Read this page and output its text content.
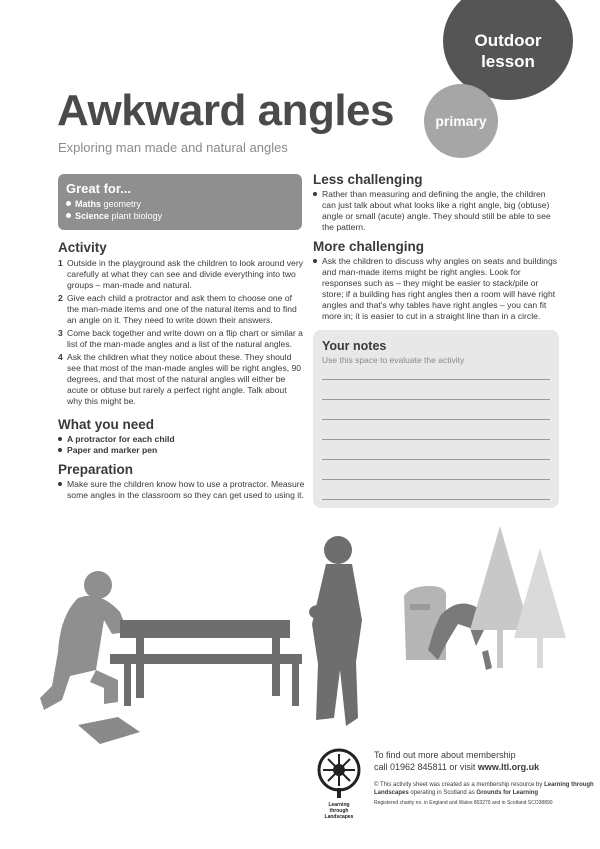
Outdoor
lesson
primary
Awkward angles
Exploring man made and natural angles
Great for...
Maths geometry
Science plant biology
Activity
1 Outside in the playground ask the children to look around very carefully at what they can see and divide everything into two groups – man-made and natural.
2 Give each child a protractor and ask them to choose one of the man-made items and one of the natural items and to find an angle on it. They need to write down their answers.
3 Come back together and write down on a flip chart or similar a list of the man-made angles and a list of the natural angles.
4 Ask the children what they notice about these. They should see that most of the man-made angles will be right angles, 90 degrees, and that most of the natural angles will either be acute or obtuse but rarely a perfect right angle. Talk about why this might be.
What you need
A protractor for each child
Paper and marker pen
Preparation
Make sure the children know how to use a protractor. Measure some angles in the classroom so they can get used to using it.
Less challenging
Rather than measuring and defining the angle, the children can just talk about what looks like a right angle, big (obtuse) angle or small (acute) angle. They should still be able to see the pattern.
More challenging
Ask the children to discuss why angles on seats and buildings and man-made items might be right angles. Look for responses such as – they might be easier to stack/pile or store; if a building has right angles then a room will have right angles and that's why tables have right angles – you can fit more in; it is easier to cut in a straight line than in a circle.
Your notes
Use this space to evaluate the activity
Learning
through
Landscapes
To find out more about membership
call 01962 845811 or visit www.ltl.org.uk
© This activity sheet was created as a membership resource by Learning through Landscapes operating in Scotland as Grounds for Learning
Registered charity no. in England and Wales 803270 and in Scotland SCO38890
